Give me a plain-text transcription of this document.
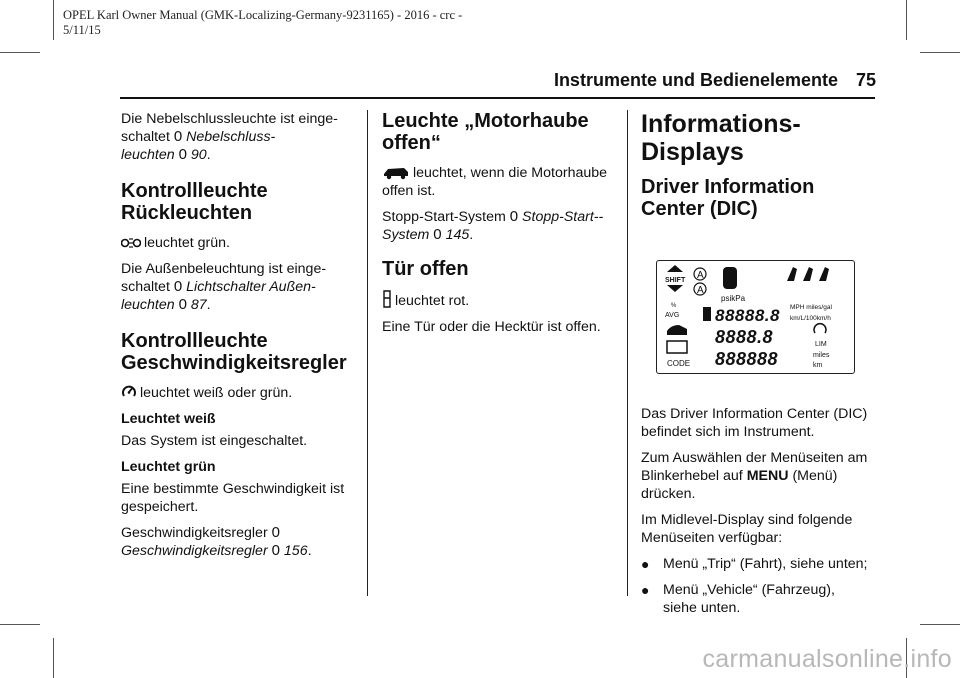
OPEL Karl Owner Manual (GMK-Localizing-Germany-9231165) - 2016 - crc -
5/11/15
Instrumente und Bedienelemente 75

Die Nebelschlussleuchte ist einge-
schaltet 0 Nebelschluss-
leuchten 0 90.

Kontrollleuchte
Rückleuchten

leuchtet grün.

Die Außenbeleuchtung ist einge-
schaltet 0 Lichtschalter Außen-
leuchten 0 87.

Kontrollleuchte
Geschwindigkeitsregler

leuchtet weiß oder grün.

Leuchtet weiß

Das System ist eingeschaltet.

Leuchtet grün

Eine bestimmte Geschwindigkeit ist
gespeichert.

Geschwindigkeitsregler 0
Geschwindigkeitsregler 0 156.

Leuchte „Motorhaube
offen“

leuchtet, wenn die Motorhaube
offen ist.

Stopp-Start-System 0 Stopp-Start--
System 0 145.

Tür offen

leuchtet rot.

Eine Tür oder die Hecktür ist offen.

Informations-Displays
Driver Information
Center (DIC)
SHIFT A
A
psikPa
%
AVG 88888.8 MPH miles/gal
km/L/100km/h
8888.8	LIM
CODE 888888	miles
km

Das Driver Information Center (DIC)
befindet sich im Instrument.

Zum Auswählen der Menüseiten am
Blinkerhebel auf MENU (Menü)
drücken.

Im Midlevel-Display sind folgende
Menüseiten verfügbar:

● Menü „Trip“ (Fahrt), siehe unten;
● Menü „Vehicle“ (Fahrzeug),
siehe unten.
carmanualsonline.info
